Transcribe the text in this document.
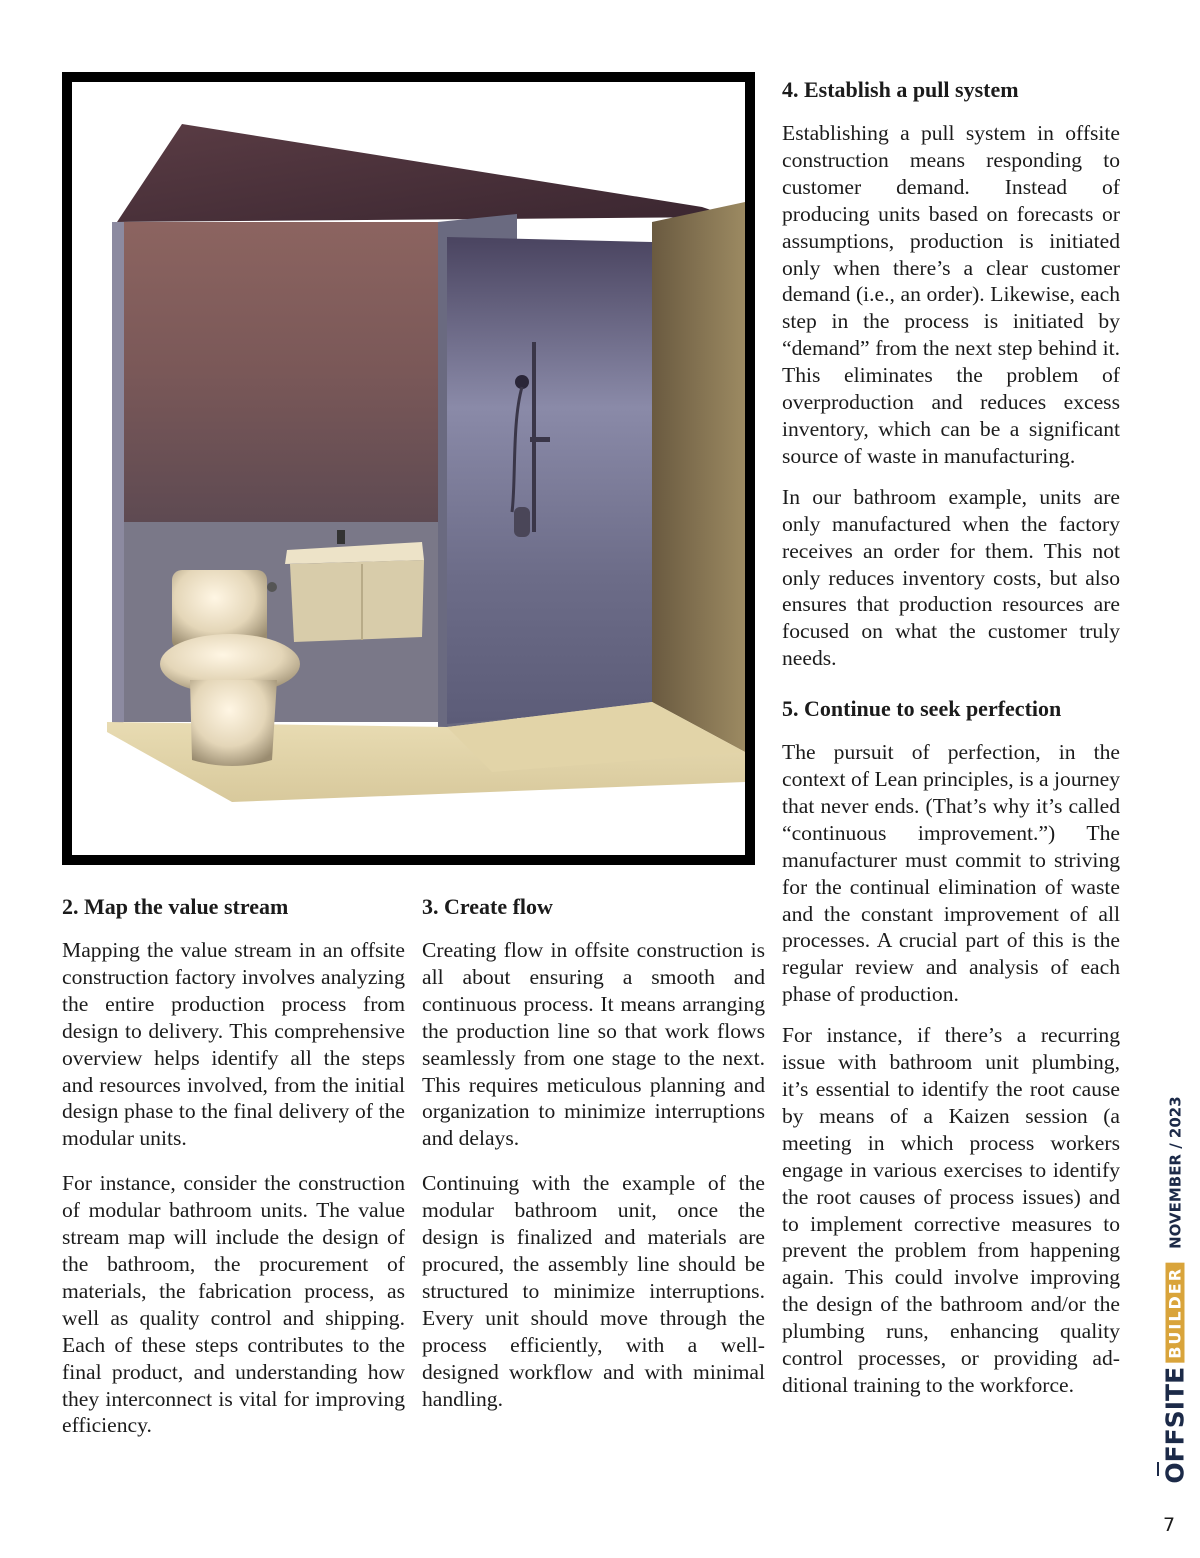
2. Map the value stream

Mapping the value stream in an offsite construction factory involves analyzing the entire production process from design to delivery. This comprehensive overview helps identify all the steps and resources involved, from the initial design phase to the final delivery of the modular units.

For instance, consider the construction of modular bathroom units. The value stream map will include the design of the bathroom, the procurement of materials, the fabrication process, as well as quality control and shipping. Each of these steps contributes to the final product, and understanding how they interconnect is vital for improving efficiency.

3. Create flow

Creating flow in offsite construction is all about ensuring a smooth and continuous process. It means arranging the production line so that work flows seamlessly from one stage to the next. This requires meticulous planning and organization to minimize interruptions and delays.

Continuing with the example of the modular bathroom unit, once the design is finalized and materials are procured, the assembly line should be structured to minimize interruptions. Every unit should move through the process efficiently, with a well-designed workflow and with minimal handling.

4. Establish a pull system

Establishing a pull system in offsite construction means responding to customer demand. Instead of producing units based on forecasts or assumptions, production is initiated only when there’s a clear customer demand (i.e., an order). Likewise, each step in the process is initiated by “demand” from the next step behind it. This eliminates the problem of overproduction and reduces excess inventory, which can be a significant source of waste in manufacturing.

In our bathroom example, units are only manufactured when the factory receives an order for them. This not only reduces inventory costs, but also ensures that production resources are focused on what the customer truly needs.

5. Continue to seek perfection

The pursuit of perfection, in the context of Lean principles, is a journey that never ends. (That’s why it’s called “continuous improvement.”) The manufacturer must commit to striving for the continual elimination of waste and the constant improvement of all processes. A crucial part of this is the regular review and analysis of each phase of production.

For instance, if there’s a recurring issue with bathroom unit plumbing, it’s essential to identify the root cause by means of a Kaizen session (a meeting in which process workers engage in various exercises to identify the root causes of process issues) and to implement corrective measures to prevent the problem from happening again. This could involve improving the design of the bathroom and/or the plumbing runs, enhancing quality control processes, or providing additional training to the workforce.	OFFSITEBUILDERNOVEMBER / 2023
7
